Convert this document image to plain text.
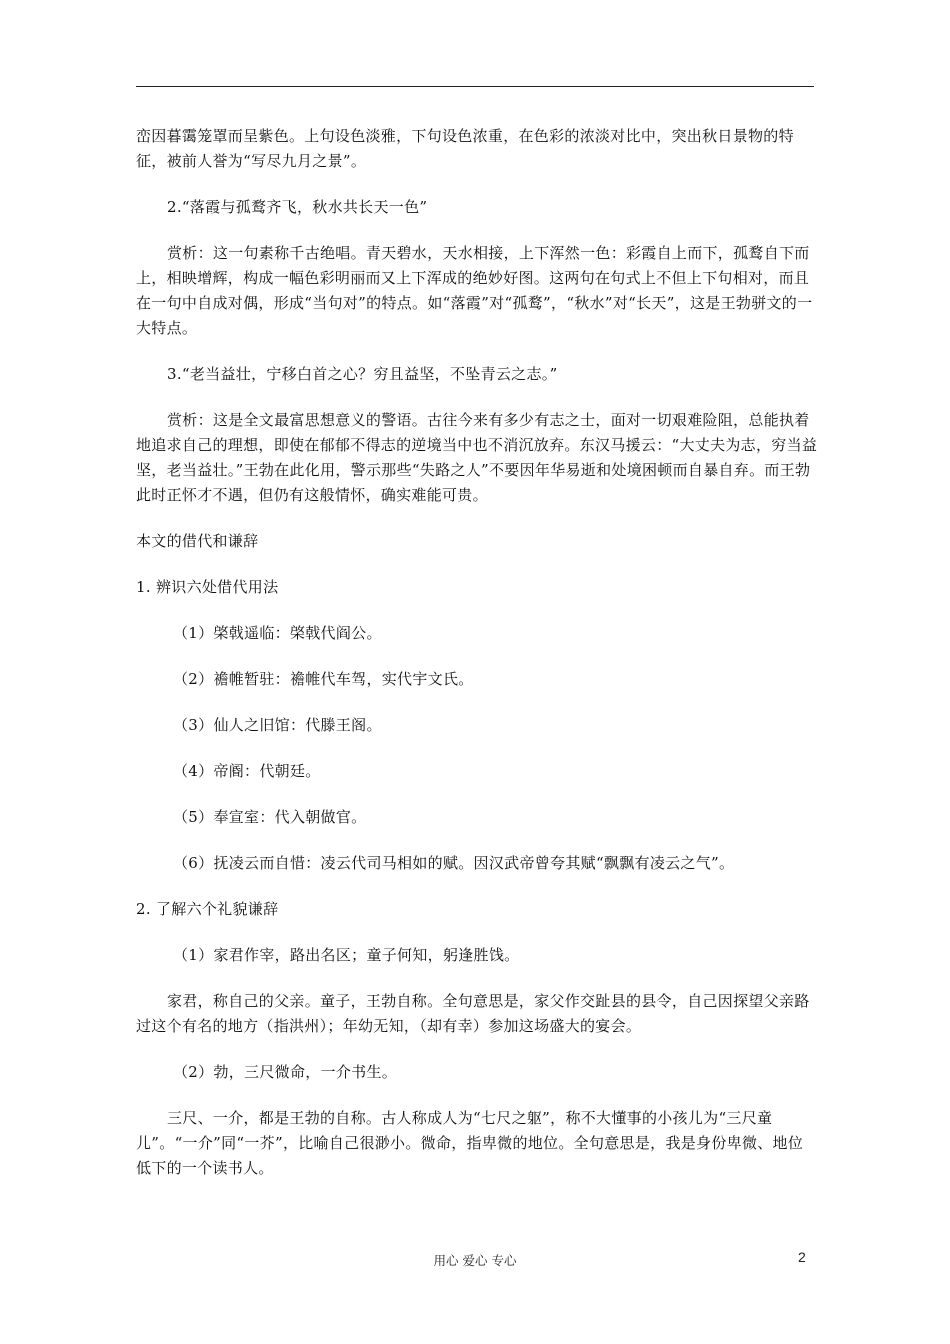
峦因暮霭笼罩而呈紫色。上句设色淡雅，下句设色浓重，在色彩的浓淡对比中，突出秋日景物的特征，被前人誉为“写尽九月之景”。

2.“落霞与孤鹜齐飞，秋水共长天一色”

赏析：这一句素称千古绝唱。青天碧水，天水相接，上下浑然一色：彩霞自上而下，孤鹜自下而上，相映增辉，构成一幅色彩明丽而又上下浑成的绝妙好图。这两句在句式上不但上下句相对，而且在一句中自成对偶，形成“当句对”的特点。如“落霞”对“孤鹜”，“秋水”对“长天”，这是王勃骈文的一大特点。

3.“老当益壮，宁移白首之心？穷且益坚，不坠青云之志。”

赏析：这是全文最富思想意义的警语。古往今来有多少有志之士，面对一切艰难险阻，总能执着地追求自己的理想，即使在郁郁不得志的逆境当中也不消沉放弃。东汉马援云：“大丈夫为志，穷当益坚，老当益壮。”王勃在此化用，警示那些“失路之人”不要因年华易逝和处境困顿而自暴自弃。而王勃此时正怀才不遇，但仍有这般情怀，确实难能可贵。

本文的借代和谦辞

1. 辨识六处借代用法

（1）棨戟遥临：棨戟代阎公。

（2）襜帷暂驻：襜帷代车驾，实代宇文氏。

（3）仙人之旧馆：代滕王阁。

（4）帝阍：代朝廷。

（5）奉宣室：代入朝做官。

（6）抚凌云而自惜：凌云代司马相如的赋。因汉武帝曾夸其赋“飘飘有凌云之气”。

2. 了解六个礼貌谦辞

（1）家君作宰，路出名区；童子何知，躬逢胜饯。

家君，称自己的父亲。童子，王勃自称。全句意思是，家父作交趾县的县令，自己因探望父亲路过这个有名的地方（指洪州）；年幼无知，（却有幸）参加这场盛大的宴会。

（2）勃，三尺微命，一介书生。

三尺、一介，都是王勃的自称。古人称成人为“七尺之躯”，称不大懂事的小孩儿为“三尺童儿”。“一介”同“一芥”，比喻自己很渺小。微命，指卑微的地位。全句意思是，我是身份卑微、地位低下的一个读书人。

用心 爱心 专心	2
